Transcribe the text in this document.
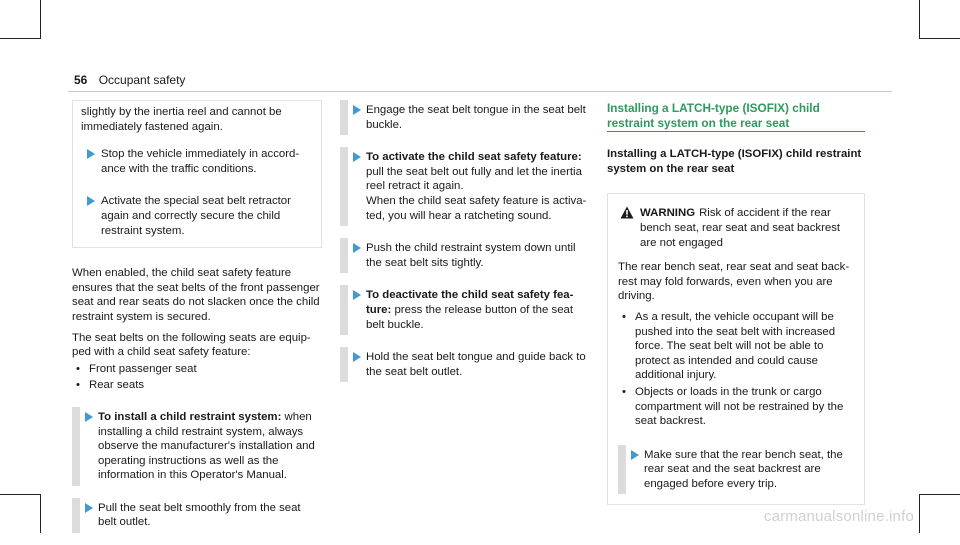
56 Occupant safety

slightly by the inertia reel and cannot be immediately fastened again.

Stop the vehicle immediately in accordance with the traffic conditions.
Activate the special seat belt retractor again and correctly secure the child restraint system.

When enabled, the child seat safety feature ensures that the seat belts of the front passenger seat and rear seats do not slacken once the child restraint system is secured.

The seat belts on the following seats are equipped with a child seat safety feature:

• Front passenger seat
• Rear seats
To install a child restraint system: when installing a child restraint system, always observe the manufacturer's installation and operating instructions as well as the information in this Operator's Manual.
Pull the seat belt smoothly from the seat belt outlet.
Engage the seat belt tongue in the seat belt buckle.
To activate the child seat safety feature: pull the seat belt out fully and let the inertia reel retract it again.
When the child seat safety feature is activated, you will hear a ratcheting sound.
Push the child restraint system down until the seat belt sits tightly.
To deactivate the child seat safety feature: press the release button of the seat belt buckle.
Hold the seat belt tongue and guide back to the seat belt outlet.
Installing a LATCH-type (ISOFIX) child restraint system on the rear seat
Installing a LATCH-type (ISOFIX) child restraint system on the rear seat
WARNING Risk of accident if the rear bench seat, rear seat and seat backrest are not engaged

The rear bench seat, rear seat and seat backrest may fold forwards, even when you are driving.

• As a result, the vehicle occupant will be pushed into the seat belt with increased force. The seat belt will not be able to protect as intended and could cause additional injury.
• Objects or loads in the trunk or cargo compartment will not be restrained by the seat backrest.
Make sure that the rear bench seat, the rear seat and the seat backrest are engaged before every trip.
carmanualsonline.info
